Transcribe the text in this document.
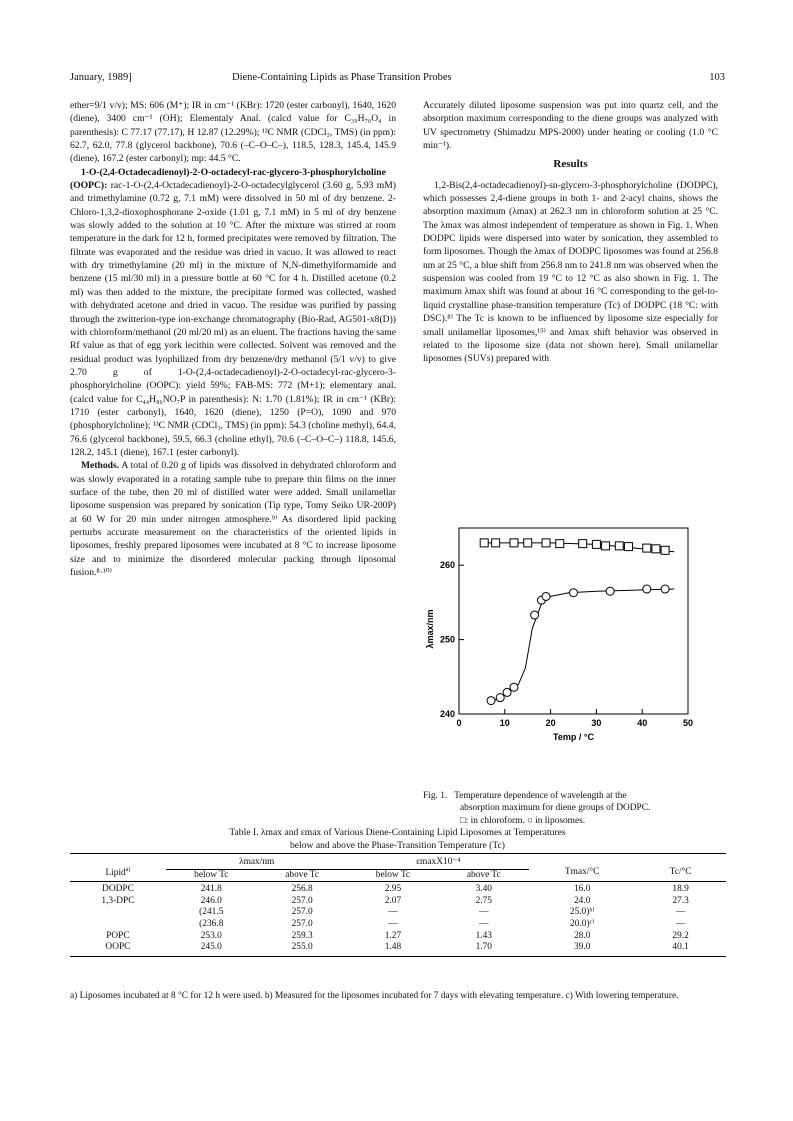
January, 1989]	Diene-Containing Lipids as Phase Transition Probes	103

ether=9/1 v/v); MS: 606 (M⁺); IR in cm⁻¹ (KBr): 1720 (ester carbonyl), 1640, 1620 (diene), 3400 cm⁻¹ (OH); Elementaly Anal. (calcd value for C₃₉H₇₀O₄ in parenthesis): C 77.17 (77.17), H 12.87 (12.29%); ¹³C NMR (CDCl₃, TMS) (in ppm): 62.7, 62.0, 77.8 (glycerol backbone), 70.6 (–C–O–C–), 118.5, 128.3, 145.4, 145.9 (diene), 167.2 (ester carbonyl); mp: 44.5 °C.

1-O-(2,4-Octadecadienoyl)-2-O-octadecyl-rac-glycero-3-phosphorylcholine (OOPC): rac-1-O-(2,4-Octadecadienoyl)-2-O-octadecylglycerol (3.60 g, 5.93 mM) and trimethylamine (0.72 g, 7.1 mM) were dissolved in 50 ml of dry benzene. 2-Chloro-1,3,2-dioxophosphorane 2-oxide (1.01 g, 7.1 mM) in 5 ml of dry benzene was slowly added to the solution at 10 °C. After the mixture was stirred at room temperature in the dark for 12 h, formed precipitates were removed by filtration. The filtrate was evaporated and the residue was dried in vacuo. It was allowed to react with dry trimethylamine (20 ml) in the mixture of N,N-dimethylformamide and benzene (15 ml/30 ml) in a pressure bottle at 60 °C for 4 h. Distilled acetone (0.2 ml) was then added to the mixture, the precipitate formed was collected, washed with dehydrated acetone and dried in vacuo. The residue was purified by passing through the zwitterion-type ion-exchange chromatography (Bio-Rad, AG501-x8(D)) with chloroform/methanol (20 ml/20 ml) as an eluent. The fractions having the same Rf value as that of egg york lecithin were collected. Solvent was removed and the residual product was lyophilized from dry benzene/dry methanol (5/1 v/v) to give 2.70 g of 1-O-(2,4-octadecadienoyl)-2-O-octadecyl-rac-glycero-3-phosphorylcholine (OOPC): yield 59%; FAB-MS: 772 (M+1); elementary anal. (calcd value for C₄₄H₈₆NO₇P in parenthesis): N: 1.70 (1.81%); IR in cm⁻¹ (KBr): 1710 (ester carbonyl), 1640, 1620 (diene), 1250 (P=O), 1090 and 970 (phosphorylcholine); ¹³C NMR (CDCl₃, TMS) (in ppm): 54.3 (choline methyl), 64.4, 76.6 (glycerol backbone), 59.5, 66.3 (choline ethyl), 70.6 (–C–O–C–) 118.8, 145.6, 128.2, 145.1 (diene), 167.1 (ester carbonyl).

Methods. A total of 0.20 g of lipids was dissolved in dehydrated chloroform and was slowly evaporated in a rotating sample tube to prepare thin films on the inner surface of the tube, then 20 ml of distilled water were added. Small unilamellar liposome suspension was prepared by sonication (Tip type, Tomy Seiko UR-200P) at 60 W for 20 min under nitrogen atmosphere.⁹⁾ As disordered lipid packing perturbs accurate measurement on the characteristics of the oriented lipids in liposomes, freshly prepared liposomes were incubated at 8 °C to increase liposome size and to minimize the disordered molecular packing through liposomal fusion.⁸·¹⁰⁾

Accurately diluted liposome suspension was put into quartz cell, and the absorption maximum corresponding to the diene groups was analyzed with UV spectrometry (Shimadzu MPS-2000) under heating or cooling (1.0 °C min⁻¹).

Results

1,2-Bis(2,4-octadecadienoyl)-sn-glycero-3-phosphorylcholine (DODPC), which possesses 2,4-diene groups in both 1- and 2-acyl chains, shows the absorption maximum (λmax) at 262.3 nm in chloroform solution at 25 °C. The λmax was almost independent of temperature as shown in Fig. 1. When DODPC lipids were dispersed into water by sonication, they assembled to form liposomes. Though the λmax of DODPC liposomes was found at 256.8 nm at 25 °C, a blue shift from 256.8 nm to 241.8 nm was observed when the suspension was cooled from 19 °C to 12 °C as also shown in Fig. 1. The maximum λmax shift was found at about 16 °C corresponding to the gel-to-liquid crystalline phase-transition temperature (Tc) of DODPC (18 °C: with DSC).⁸⁾ The Tc is known to be influenced by liposome size especially for small unilamellar liposomes,¹⁵⁾ and λmax shift behavior was observed in related to the liposome size (data not shown here). Small unilamellar liposomes (SUVs) prepared with

0	10	20	30	40	50
240
250
260
Temp / °C
λmax/nm
Fig. 1. Temperature dependence of wavelength at the
absorption maximum for diene groups of DODPC.
□: in chloroform. ○ in liposomes.
Table I. λmax and εmax of Various Diene-Containing Lipid Liposomes at Temperatures
below and above the Phase-Transition Temperature (Tc)
Lipid$^{a)}$	λmax/nm		εmaxX10⁻⁴		Tmax/°C	Tc/°C
	below Tc	above Tc	below Tc	above Tc		
DODPC	241.8	256.8	2.95	3.40	16.0	18.9
1,3-DPC	246.0	257.0	2.07	2.75	24.0	27.3
	(241.5	257.0	—	—	25.0)ᵇ⁾	—
	(236.8	257.0	—	—	20.0)ᶜ⁾	—
POPC	253.0	259.3	1.27	1.43	28.0	29.2
OOPC	245.0	255.0	1.48	1.70	39.0	40.1
a) Liposomes incubated at 8 °C for 12 h were used. b) Measured for the liposomes incubated for 7 days with elevating temperature. c) With lowering temperature.
